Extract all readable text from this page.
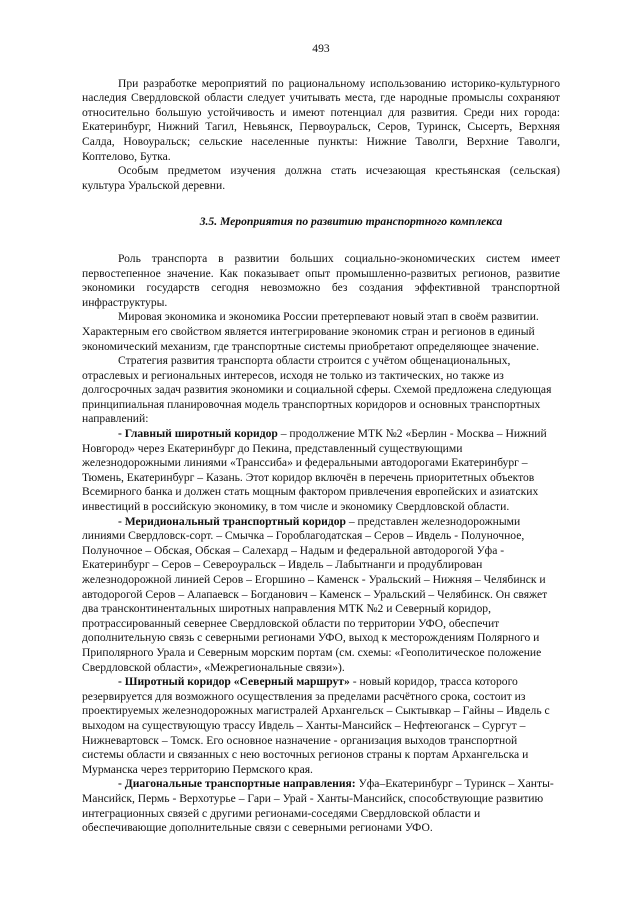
493

При разработке мероприятий по рациональному использованию историко-культурного наследия Свердловской области следует учитывать места, где народные промыслы сохраняют относительно большую устойчивость и имеют потенциал для развития. Среди них города: Екатеринбург, Нижний Тагил, Невьянск, Первоуральск, Серов, Туринск, Сысерть, Верхняя Салда, Новоуральск; сельские населенные пункты: Нижние Таволги, Верхние Таволги, Коптелово, Бутка.

Особым предметом изучения должна стать исчезающая крестьянская (сельская) культура Уральской деревни.

3.5. Мероприятия по развитию транспортного комплекса

Роль транспорта в развитии больших социально-экономических систем имеет первостепенное значение. Как показывает опыт промышленно-развитых регионов, развитие экономики государств сегодня невозможно без создания эффективной транспортной инфраструктуры.

Мировая экономика и экономика России претерпевают новый этап в своём развитии. Характерным его свойством является интегрирование экономик стран и регионов в единый экономический механизм, где транспортные системы приобретают определяющее значение.

Стратегия развития транспорта области строится с учётом общенациональных, отраслевых и региональных интересов, исходя не только из тактических, но также из долгосрочных задач развития экономики и социальной сферы. Схемой предложена следующая принципиальная планировочная модель транспортных коридоров и основных транспортных направлений:

- Главный широтный коридор – продолжение МТК №2 «Берлин - Москва – Нижний Новгород» через Екатеринбург до Пекина, представленный существующими железнодорожными линиями «Транссиба» и федеральными автодорогами Екатеринбург – Тюмень, Екатеринбург – Казань. Этот коридор включён в перечень приоритетных объектов Всемирного банка и должен стать мощным фактором привлечения европейских и азиатских инвестиций в российскую экономику, в том числе и экономику Свердловской области.

- Меридиональный транспортный коридор – представлен железнодорожными линиями Свердловск-сорт. – Смычка – Гороблагодатская – Серов – Ивдель - Полуночное, Полуночное – Обская, Обская – Салехард – Надым и федеральной автодорогой Уфа - Екатеринбург – Серов – Североуральск – Ивдель – Лабытнанги и продублирован железнодорожной линией Серов – Егоршино – Каменск - Уральский – Нижняя – Челябинск и автодорогой Серов – Алапаевск – Богданович – Каменск – Уральский – Челябинск. Он свяжет два трансконтинентальных широтных направления МТК №2 и Северный коридор, протрассированный севернее Свердловской области по территории УФО, обеспечит дополнительную связь с северными регионами УФО, выход к месторождениям Полярного и Приполярного Урала и Северным морским портам (см. схемы: «Геополитическое положение Свердловской области», «Межрегиональные связи»).

- Широтный коридор «Северный маршрут» - новый коридор, трасса которого резервируется для возможного осуществления за пределами расчётного срока, состоит из проектируемых железнодорожных магистралей Архангельск – Сыктывкар – Гайны – Ивдель с выходом на существующую трассу Ивдель – Ханты-Мансийск – Нефтеюганск – Сургут – Нижневартовск – Томск. Его основное назначение - организация выходов транспортной системы области и связанных с нею восточных регионов страны к портам Архангельска и Мурманска через территорию Пермского края.

- Диагональные транспортные направления: Уфа–Екатеринбург – Туринск – Ханты-Мансийск, Пермь - Верхотурье – Гари – Урай - Ханты-Мансийск, способствующие развитию интеграционных связей с другими регионами-соседями Свердловской области и обеспечивающие дополнительные связи с северными регионами УФО.
